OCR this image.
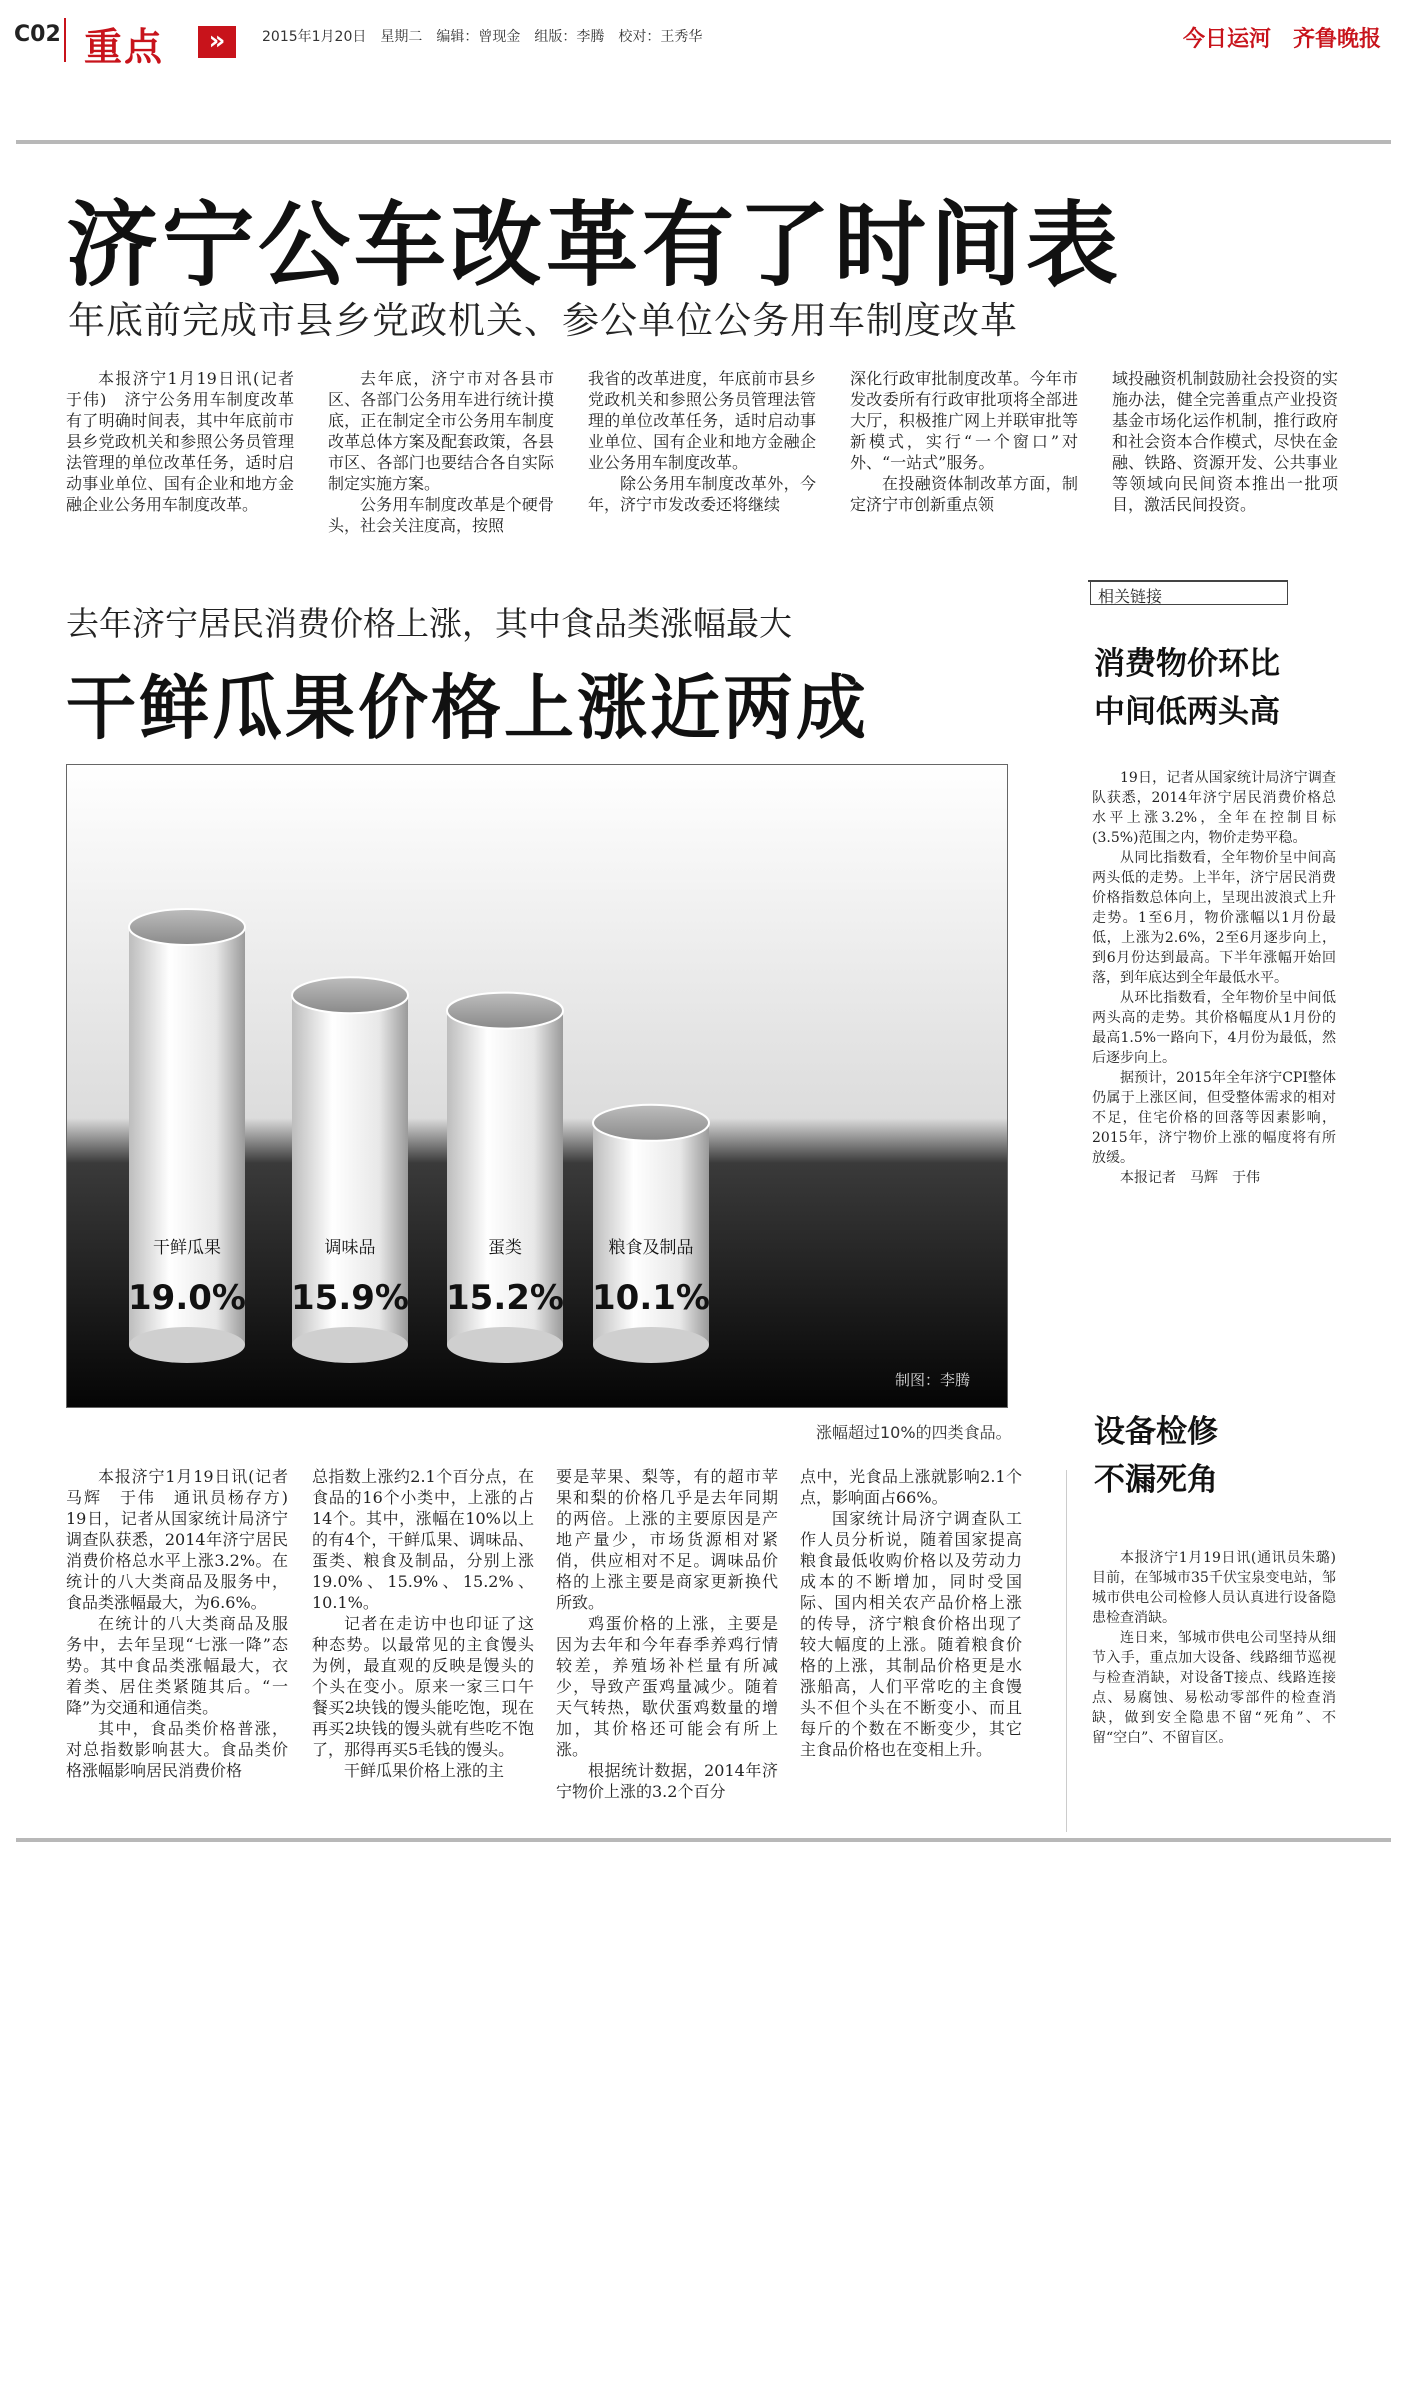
C02 重点	»	2015年1月20日　星期二　编辑：曾现金　组版：李腾　校对：王秀华	今日运河　齐鲁晚报
济宁公车改革有了时间表
年底前完成市县乡党政机关、参公单位公务用车制度改革

本报济宁1月19日讯(记者　于伟)　济宁公务用车制度改革有了明确时间表，其中年底前市县乡党政机关和参照公务员管理法管理的单位改革任务，适时启动事业单位、国有企业和地方金融企业公务用车制度改革。

去年底，济宁市对各县市区、各部门公务用车进行统计摸底，正在制定全市公务用车制度改革总体方案及配套政策，各县市区、各部门也要结合各自实际制定实施方案。

公务用车制度改革是个硬骨头，社会关注度高，按照

我省的改革进度，年底前市县乡党政机关和参照公务员管理法管理的单位改革任务，适时启动事业单位、国有企业和地方金融企业公务用车制度改革。

除公务用车制度改革外，今年，济宁市发改委还将继续

深化行政审批制度改革。今年市发改委所有行政审批项将全部进大厅，积极推广网上并联审批等新模式，实行“一个窗口”对外、“一站式”服务。

在投融资体制改革方面，制定济宁市创新重点领

域投融资机制鼓励社会投资的实施办法，健全完善重点产业投资基金市场化运作机制，推行政府和社会资本合作模式，尽快在金融、铁路、资源开发、公共事业等领域向民间资本推出一批项目，激活民间投资。

去年济宁居民消费价格上涨，其中食品类涨幅最大
干鲜瓜果价格上涨近两成
干鲜瓜果
19.0%
调味品
15.9%
蛋类
15.2%
粮食及制品
10.1%
制图：李腾
涨幅超过10%的四类食品。

本报济宁1月19日讯(记者　马辉　于伟　通讯员杨存方)　19日，记者从国家统计局济宁调查队获悉，2014年济宁居民消费价格总水平上涨3.2%。在统计的八大类商品及服务中，食品类涨幅最大，为6.6%。

在统计的八大类商品及服务中，去年呈现“七涨一降”态势。其中食品类涨幅最大，衣着类、居住类紧随其后。“一降”为交通和通信类。

其中，食品类价格普涨，对总指数影响甚大。食品类价格涨幅影响居民消费价格

总指数上涨约2.1个百分点，在食品的16个小类中，上涨的占14个。其中，涨幅在10%以上的有4个，干鲜瓜果、调味品、蛋类、粮食及制品，分别上涨19.0%、15.9%、15.2%、10.1%。

记者在走访中也印证了这种态势。以最常见的主食馒头为例，最直观的反映是馒头的个头在变小。原来一家三口午餐买2块钱的馒头能吃饱，现在再买2块钱的馒头就有些吃不饱了，那得再买5毛钱的馒头。

干鲜瓜果价格上涨的主

要是苹果、梨等，有的超市苹果和梨的价格几乎是去年同期的两倍。上涨的主要原因是产地产量少，市场货源相对紧俏，供应相对不足。调味品价格的上涨主要是商家更新换代所致。

鸡蛋价格的上涨，主要是因为去年和今年春季养鸡行情较差，养殖场补栏量有所减少，导致产蛋鸡量减少。随着天气转热，歇伏蛋鸡数量的增加，其价格还可能会有所上涨。

根据统计数据，2014年济宁物价上涨的3.2个百分

点中，光食品上涨就影响2.1个点，影响面占66%。

国家统计局济宁调查队工作人员分析说，随着国家提高粮食最低收购价格以及劳动力成本的不断增加，同时受国际、国内相关农产品价格上涨的传导，济宁粮食价格出现了较大幅度的上涨。随着粮食价格的上涨，其制品价格更是水涨船高，人们平常吃的主食馒头不但个头在不断变小、而且每斤的个数在不断变少，其它主食品价格也在变相上升。

相关链接
消费物价环比
中间低两头高

19日，记者从国家统计局济宁调查队获悉，2014年济宁居民消费价格总水平上涨3.2%，全年在控制目标(3.5%)范围之内，物价走势平稳。

从同比指数看，全年物价呈中间高两头低的走势。上半年，济宁居民消费价格指数总体向上，呈现出波浪式上升走势。1至6月，物价涨幅以1月份最低，上涨为2.6%，2至6月逐步向上，到6月份达到最高。下半年涨幅开始回落，到年底达到全年最低水平。

从环比指数看，全年物价呈中间低两头高的走势。其价格幅度从1月份的最高1.5%一路向下，4月份为最低，然后逐步向上。

据预计，2015年全年济宁CPI整体仍属于上涨区间，但受整体需求的相对不足，住宅价格的回落等因素影响，2015年，济宁物价上涨的幅度将有所放缓。

本报记者　马辉　于伟

设备检修
不漏死角

本报济宁1月19日讯(通讯员朱璐)　目前，在邹城市35千伏宝泉变电站，邹城市供电公司检修人员认真进行设备隐患检查消缺。

连日来，邹城市供电公司坚持从细节入手，重点加大设备、线路细节巡视与检查消缺，对设备T接点、线路连接点、易腐蚀、易松动零部件的检查消缺，做到安全隐患不留“死角”、不留“空白”、不留盲区。
